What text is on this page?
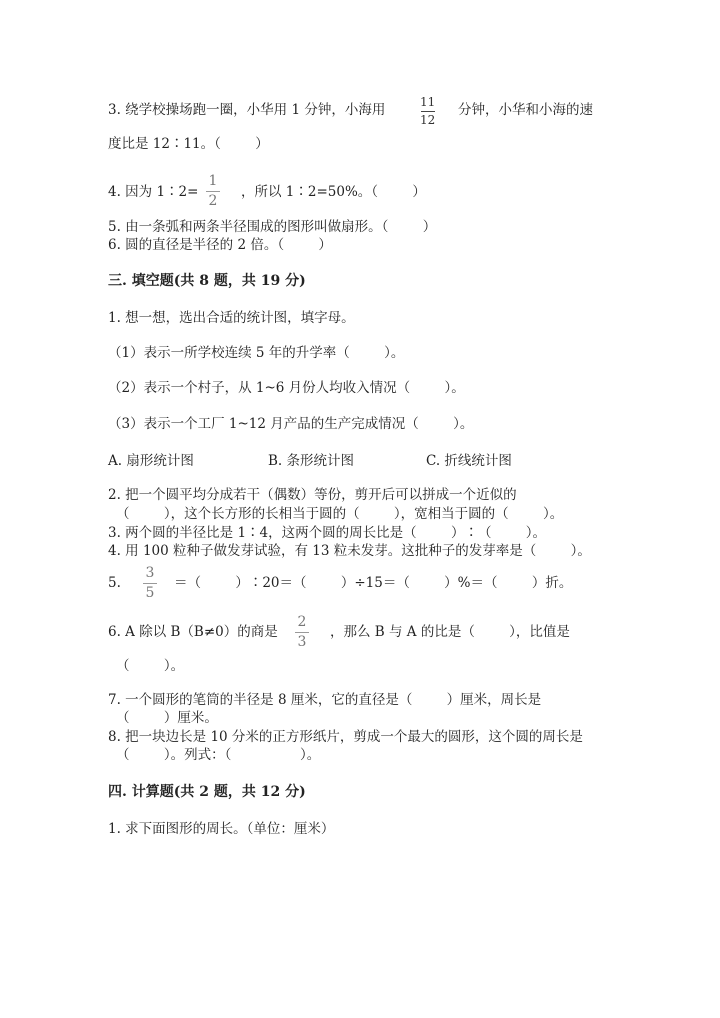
3. 绕学校操场跑一圈，小华用 1 分钟，小海用	11
12
分钟，小华和小海的速
度比是 12∶11。（        ）
4. 因为 1∶2=
1
2
，所以 1∶2=50%。（        ）
5. 由一条弧和两条半径围成的图形叫做扇形。（        ）
6. 圆的直径是半径的 2 倍。（        ）
三. 填空题(共 8 题，共 19 分)
1. 想一想，选出合适的统计图，填字母。
（1）表示一所学校连续 5 年的升学率（        ）。
（2）表示一个村子，从 1~6 月份人均收入情况（        ）。
（3）表示一个工厂 1~12 月产品的生产完成情况（        ）。
A. 扇形统计图	B. 条形统计图	C. 折线统计图
2. 把一个圆平均分成若干（偶数）等份，剪开后可以拼成一个近似的
（        ），这个长方形的长相当于圆的（        ），宽相当于圆的（        ）。
3. 两个圆的半径比是 1∶4，这两个圆的周长比是（        ）∶（        ）。
4. 用 100 粒种子做发芽试验，有 13 粒未发芽。这批种子的发芽率是（        ）。
5.
3
5
＝（        ）∶20＝（        ）÷15＝（        ）%＝（        ）折。
6. A 除以 B（B≠0）的商是
2
3
，那么 B 与 A 的比是（        ），比值是
（        ）。
7. 一个圆形的笔筒的半径是 8 厘米，它的直径是（        ）厘米，周长是
（        ）厘米。
8. 把一块边长是 10 分米的正方形纸片，剪成一个最大的圆形，这个圆的周长是
（        ）。列式：（                ）。
四. 计算题(共 2 题，共 12 分)
1. 求下面图形的周长。（单位：厘米）
